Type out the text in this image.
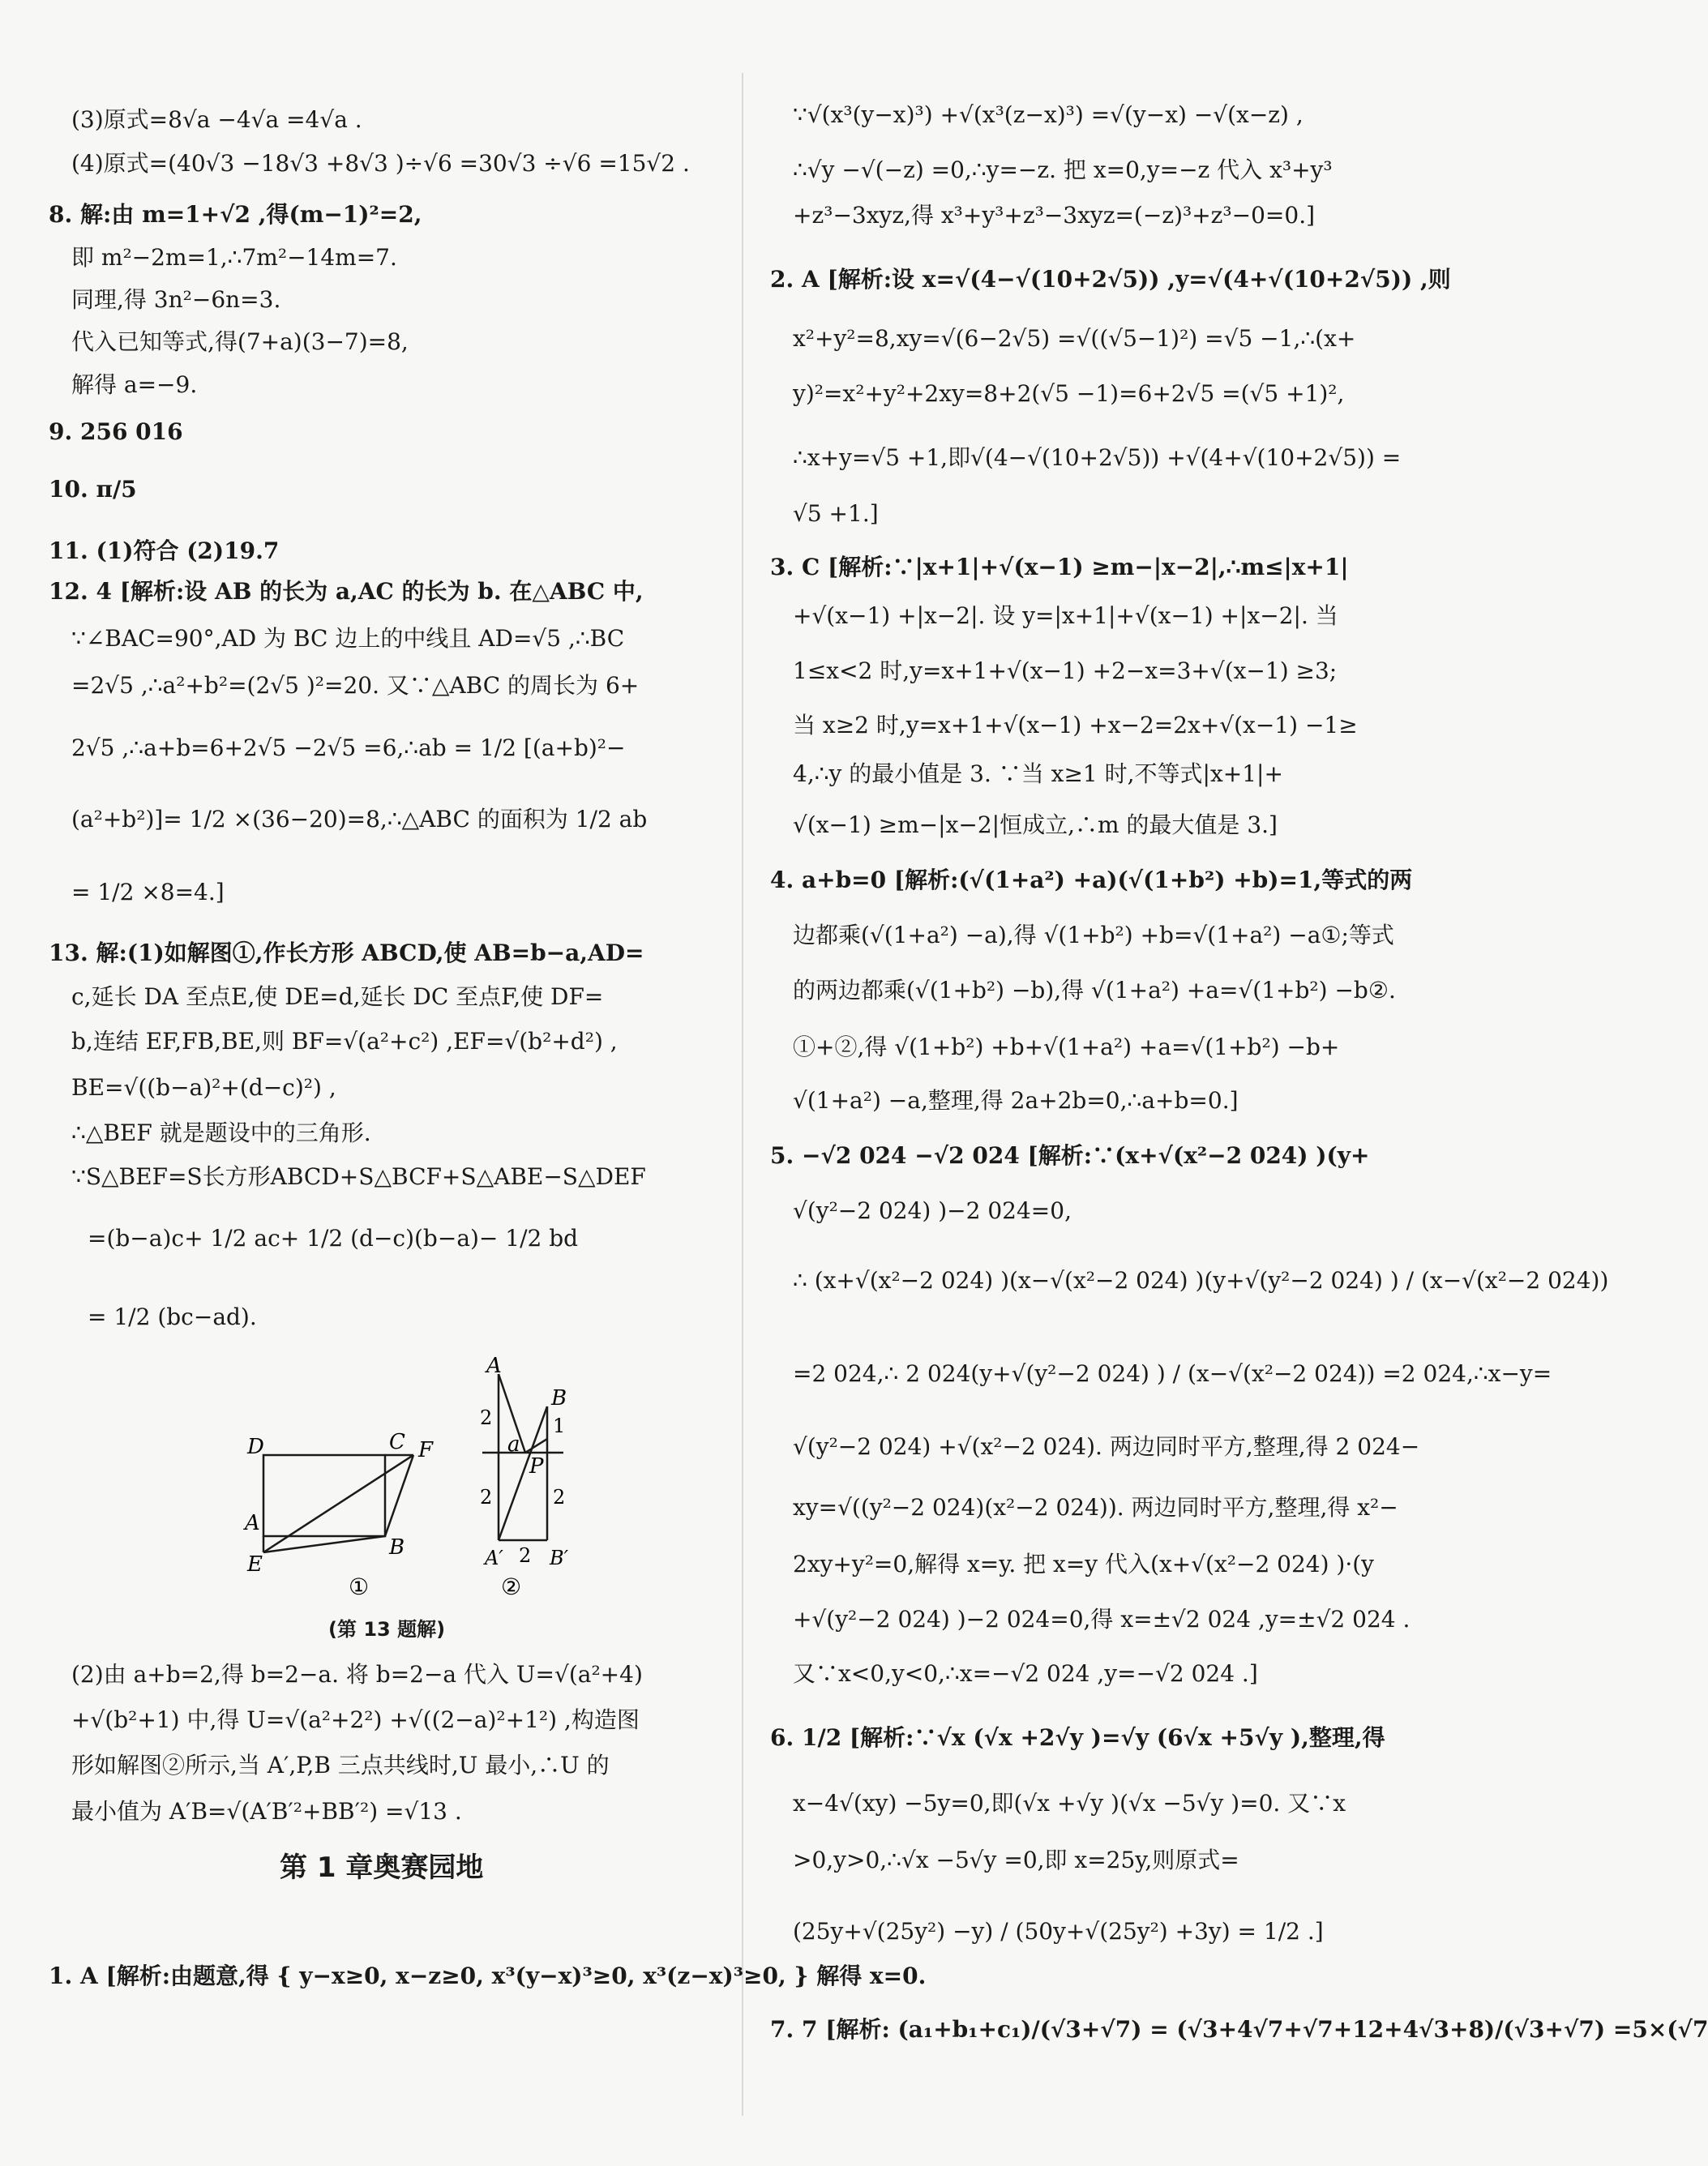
(3)原式=8√a −4√a =4√a .
(4)原式=(40√3 −18√3 +8√3 )÷√6 =30√3 ÷√6 =15√2 .
8. 解:由 m=1+√2 ,得(m−1)²=2,
即 m²−2m=1,∴7m²−14m=7.
同理,得 3n²−6n=3.
代入已知等式,得(7+a)(3−7)=8,
解得 a=−9.
9. 256 016
10. π/5
11. (1)符合 (2)19.7
12. 4 [解析:设 AB 的长为 a,AC 的长为 b. 在△ABC 中,
∵∠BAC=90°,AD 为 BC 边上的中线且 AD=√5 ,∴BC
=2√5 ,∴a²+b²=(2√5 )²=20. 又∵△ABC 的周长为 6+
2√5 ,∴a+b=6+2√5 −2√5 =6,∴ab = 1/2 [(a+b)²−
(a²+b²)]= 1/2 ×(36−20)=8,∴△ABC 的面积为 1/2 ab
= 1/2 ×8=4.]
13. 解:(1)如解图①,作长方形 ABCD,使 AB=b−a,AD=
c,延长 DA 至点E,使 DE=d,延长 DC 至点F,使 DF=
b,连结 EF,FB,BE,则 BF=√(a²+c²) ,EF=√(b²+d²) ,
BE=√((b−a)²+(d−c)²) ,
∴△BEF 就是题设中的三角形.
∵S△BEF=S长方形ABCD+S△BCF+S△ABE−S△DEF
=(b−a)c+ 1/2 ac+ 1/2 (d−c)(b−a)− 1/2 bd
= 1/2 (bc−ad).
D	C F
A
E
B
①
A
B
2	1
a
P
2	2
A′ 2 B′
②
(第 13 题解)
(2)由 a+b=2,得 b=2−a. 将 b=2−a 代入 U=√(a²+4)
+√(b²+1) 中,得 U=√(a²+2²) +√((2−a)²+1²) ,构造图
形如解图②所示,当 A′,P,B 三点共线时,U 最小,∴U 的
最小值为 A′B=√(A′B′²+BB′²) =√13 .
第 1 章奥赛园地
1. A [解析:由题意,得 { y−x≥0, x−z≥0, x³(y−x)³≥0, x³(z−x)³≥0, } 解得 x=0.
∵√(x³(y−x)³) +√(x³(z−x)³) =√(y−x) −√(x−z) ,
∴√y −√(−z) =0,∴y=−z. 把 x=0,y=−z 代入 x³+y³
+z³−3xyz,得 x³+y³+z³−3xyz=(−z)³+z³−0=0.]
2. A [解析:设 x=√(4−√(10+2√5)) ,y=√(4+√(10+2√5)) ,则
x²+y²=8,xy=√(6−2√5) =√((√5−1)²) =√5 −1,∴(x+
y)²=x²+y²+2xy=8+2(√5 −1)=6+2√5 =(√5 +1)²,
∴x+y=√5 +1,即√(4−√(10+2√5)) +√(4+√(10+2√5)) =
√5 +1.]
3. C [解析:∵|x+1|+√(x−1) ≥m−|x−2|,∴m≤|x+1|
+√(x−1) +|x−2|. 设 y=|x+1|+√(x−1) +|x−2|. 当
1≤x<2 时,y=x+1+√(x−1) +2−x=3+√(x−1) ≥3;
当 x≥2 时,y=x+1+√(x−1) +x−2=2x+√(x−1) −1≥
4,∴y 的最小值是 3. ∵当 x≥1 时,不等式|x+1|+
√(x−1) ≥m−|x−2|恒成立,∴m 的最大值是 3.]
4. a+b=0 [解析:(√(1+a²) +a)(√(1+b²) +b)=1,等式的两
边都乘(√(1+a²) −a),得 √(1+b²) +b=√(1+a²) −a①;等式
的两边都乘(√(1+b²) −b),得 √(1+a²) +a=√(1+b²) −b②.
①+②,得 √(1+b²) +b+√(1+a²) +a=√(1+b²) −b+
√(1+a²) −a,整理,得 2a+2b=0,∴a+b=0.]
5. −√2 024 −√2 024 [解析:∵(x+√(x²−2 024) )(y+
√(y²−2 024) )−2 024=0,
∴ (x+√(x²−2 024) )(x−√(x²−2 024) )(y+√(y²−2 024) ) / (x−√(x²−2 024))
=2 024,∴ 2 024(y+√(y²−2 024) ) / (x−√(x²−2 024)) =2 024,∴x−y=
√(y²−2 024) +√(x²−2 024). 两边同时平方,整理,得 2 024−
xy=√((y²−2 024)(x²−2 024)). 两边同时平方,整理,得 x²−
2xy+y²=0,解得 x=y. 把 x=y 代入(x+√(x²−2 024) )·(y
+√(y²−2 024) )−2 024=0,得 x=±√2 024 ,y=±√2 024 .
又∵x<0,y<0,∴x=−√2 024 ,y=−√2 024 .]
6. 1/2 [解析:∵√x (√x +2√y )=√y (6√x +5√y ),整理,得
x−4√(xy) −5y=0,即(√x +√y )(√x −5√y )=0. 又∵x
>0,y>0,∴√x −5√y =0,即 x=25y,则原式=
(25y+√(25y²) −y) / (50y+√(25y²) +3y) = 1/2 .]
7. 7 [解析: (a₁+b₁+c₁)/(√3+√7) = (√3+4√7+√7+12+4√3+8)/(√3+√7) =5×(√7
